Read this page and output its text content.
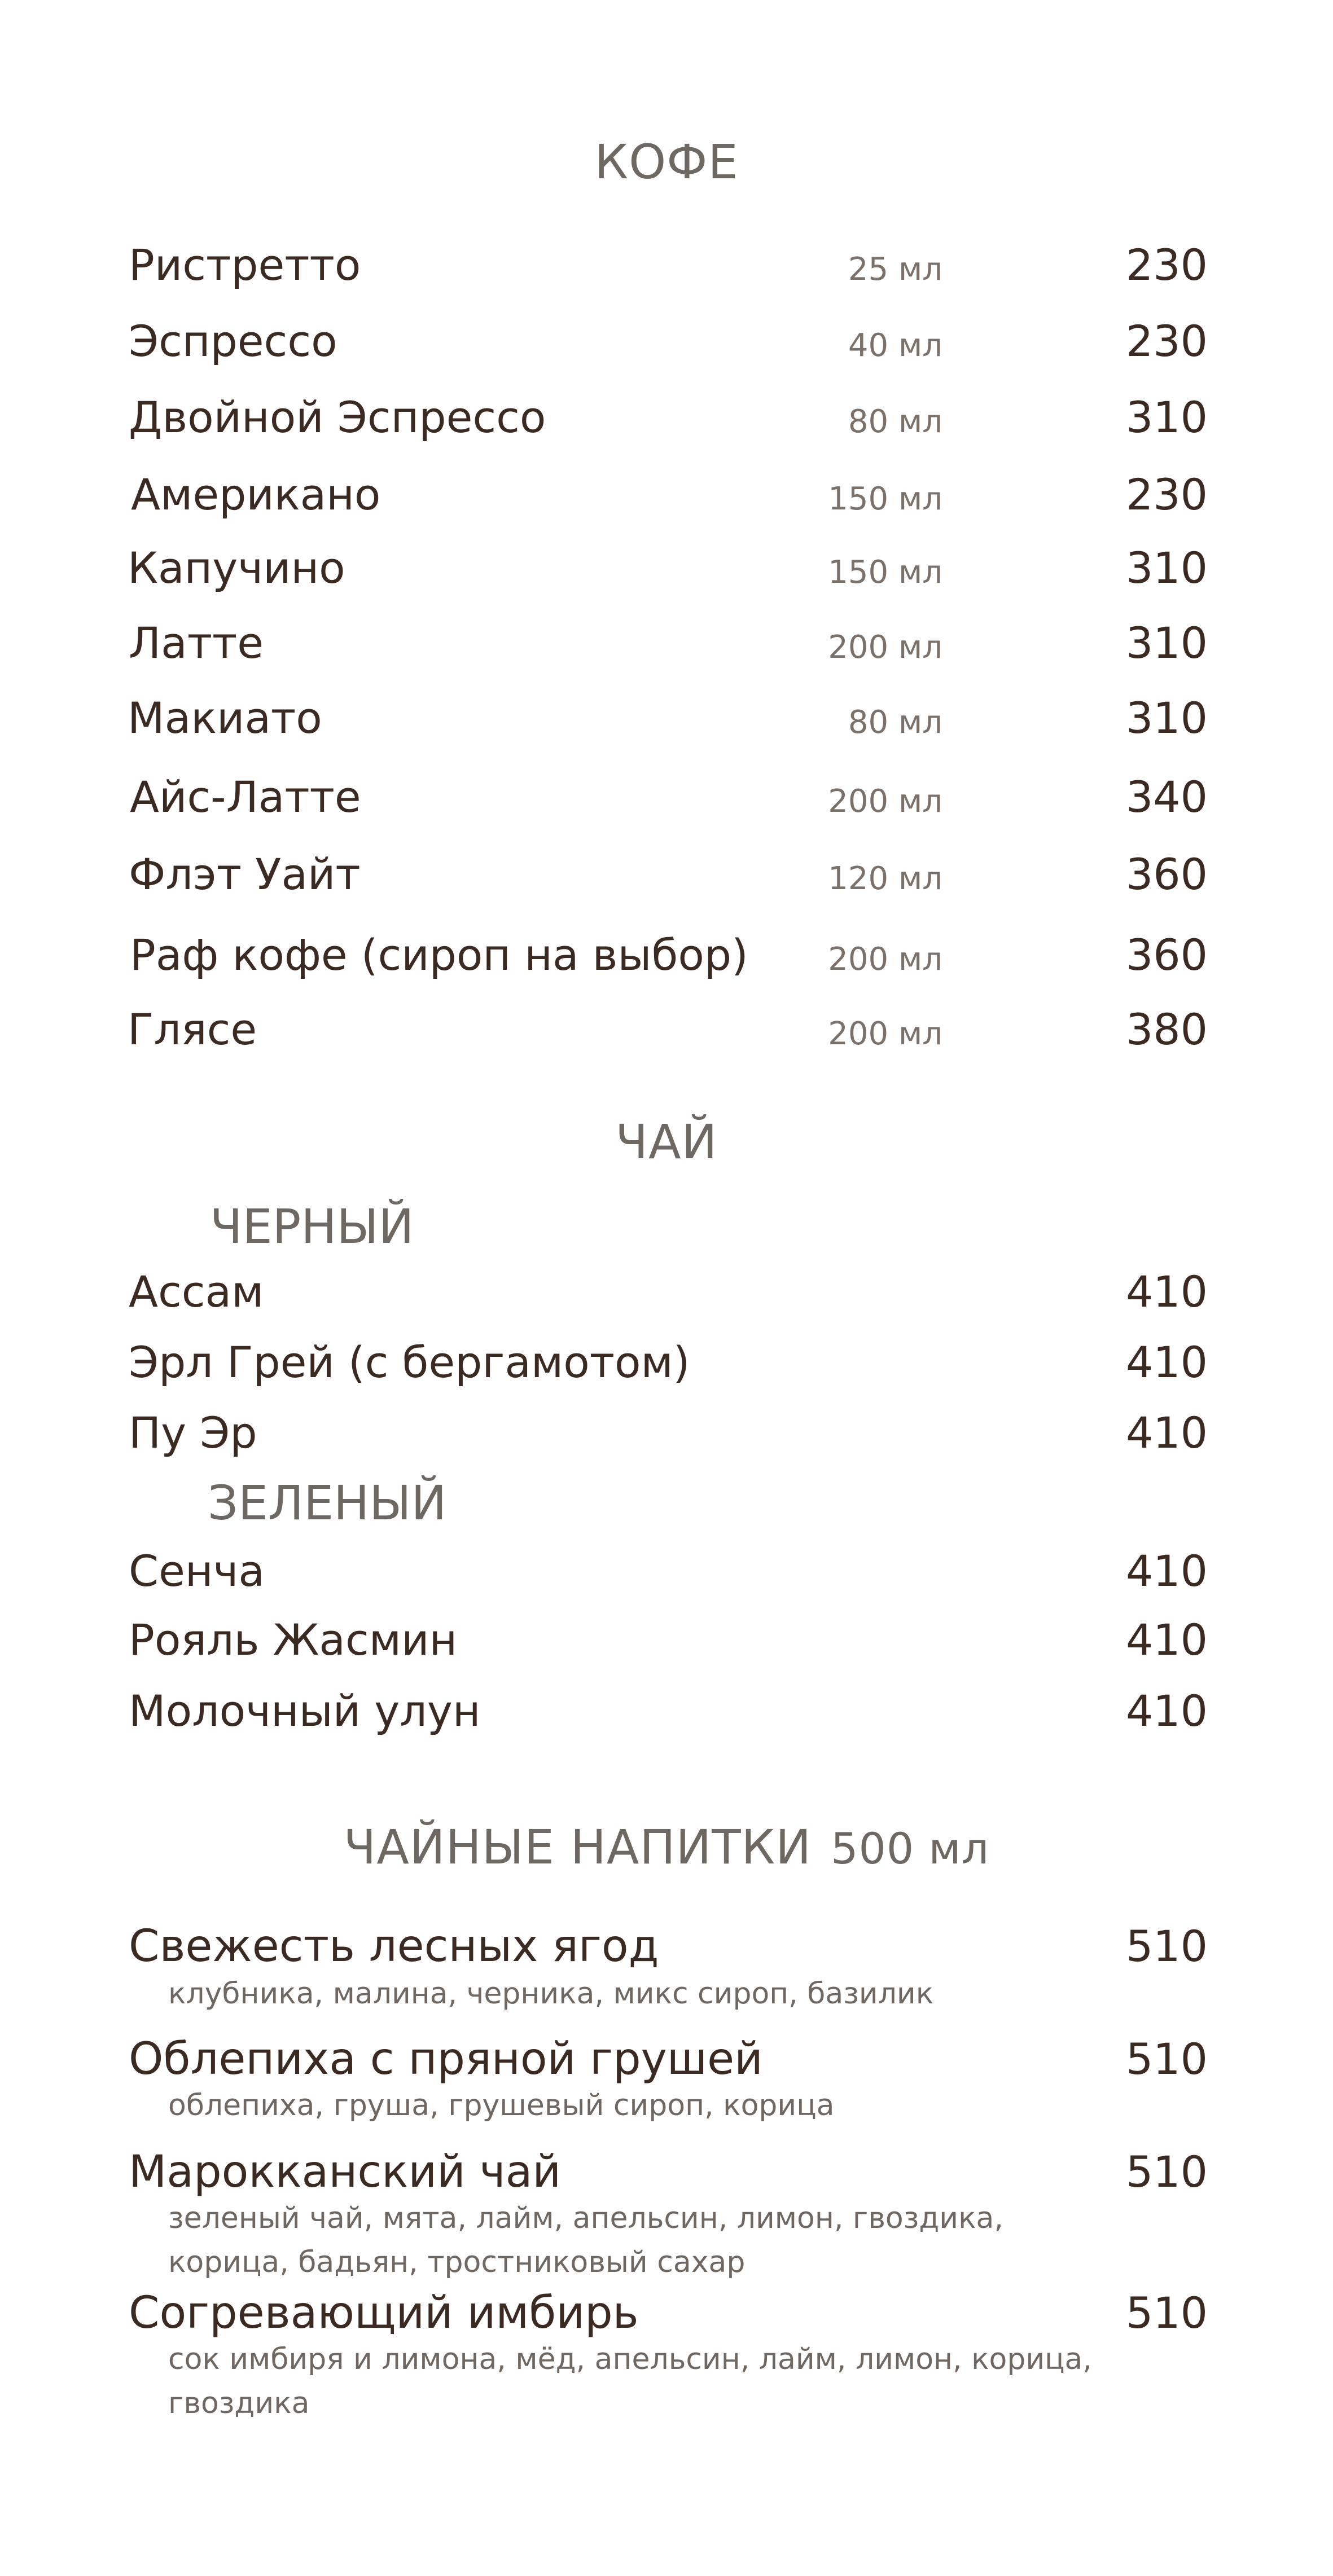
КОФЕ
Ристретто	25 мл	230
Эспрессо	40 мл	230
Двойной Эспрессо	80 мл	310
Американо	150 мл	230
Капучино	150 мл	310
Латте	200 мл	310
Макиато	80 мл	310
Айс-Латте	200 мл	340
Флэт Уайт	120 мл	360
Раф кофе (сироп на выбор)	200 мл	360
Глясе	200 мл	380
ЧАЙ
ЧЕРНЫЙ
Ассам	410
Эрл Грей (с бергамотом)	410
Пу Эр	410
ЗЕЛЕНЫЙ
Сенча	410
Рояль Жасмин	410
Молочный улун	410
ЧАЙНЫЕ НАПИТКИ 500 мл
Свежесть лесных ягод	510
клубника, малина, черника, микс сироп, базилик
Облепиха с пряной грушей	510
облепиха, груша, грушевый сироп, корица
Марокканский чай	510
зеленый чай, мята, лайм, апельсин, лимон, гвоздика, корица, бадьян, тростниковый сахар
Согревающий имбирь	510
сок имбиря и лимона, мёд, апельсин, лайм, лимон, корица, гвоздика
